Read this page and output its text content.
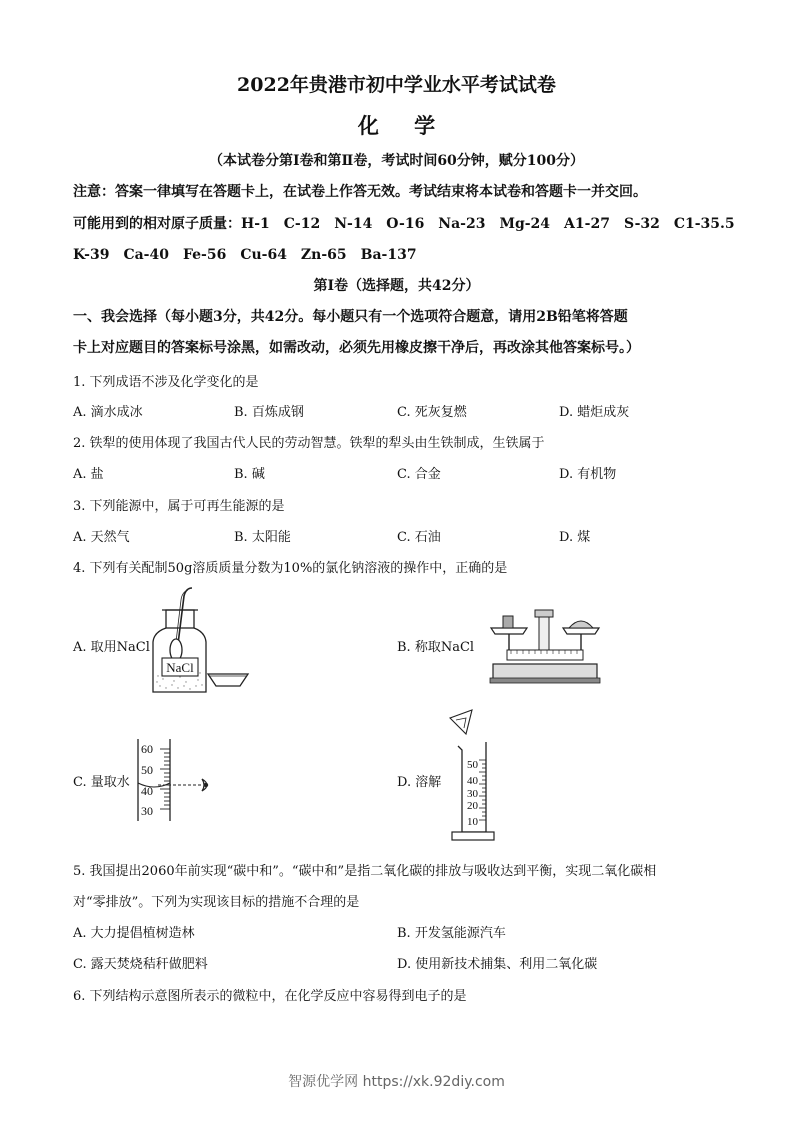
2022年贵港市初中学业水平考试试卷
化 学
（本试卷分第Ⅰ卷和第Ⅱ卷，考试时间60分钟，赋分100分）
注意：答案一律填写在答题卡上，在试卷上作答无效。考试结束将本试卷和答题卡一并交回。
可能用到的相对原子质量：H-1　C-12　N-14　O-16　Na-23　Mg-24　A1-27　S-32　C1-35.5
K-39　Ca-40　Fe-56　Cu-64　Zn-65　Ba-137
第Ⅰ卷（选择题，共42分）
一、我会选择（每小题3分，共42分。每小题只有一个选项符合题意，请用2B铅笔将答题
卡上对应题目的答案标号涂黑，如需改动，必须先用橡皮擦干净后，再改涂其他答案标号。）
1. 下列成语不涉及化学变化的是
A. 滴水成冰	B. 百炼成钢	C. 死灰复燃	D. 蜡炬成灰
2. 铁犁的使用体现了我国古代人民的劳动智慧。铁犁的犁头由生铁制成，生铁属于
A. 盐	B. 碱	C. 合金	D. 有机物
3. 下列能源中，属于可再生能源的是
A. 天然气	B. 太阳能	C. 石油	D. 煤
4. 下列有关配制50g溶质质量分数为10%的氯化钠溶液的操作中，正确的是
A. 取用NaCl
NaCl
B. 称取NaCl
C. 量取水
60
50
40
30
D. 溶解
50
40
30
20
10
5. 我国提出2060年前实现“碳中和”。“碳中和”是指二氧化碳的排放与吸收达到平衡，实现二氧化碳相
对“零排放”。下列为实现该目标的措施不合理的是
A. 大力提倡植树造林	B. 开发氢能源汽车
C. 露天焚烧秸秆做肥料	D. 使用新技术捕集、利用二氧化碳
6. 下列结构示意图所表示的微粒中，在化学反应中容易得到电子的是
智源优学网 https://xk.92diy.com
